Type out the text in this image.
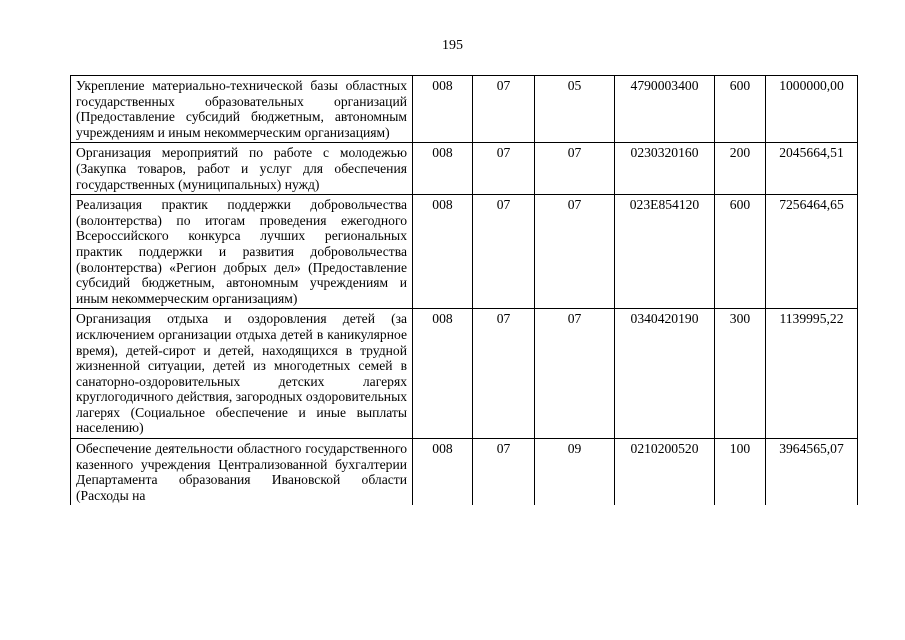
195
Укрепление материально-технической базы областных государственных образовательных организаций (Предоставление субсидий бюджетным, автономным учреждениям и иным некоммерческим организациям)	008	07	05	4790003400	600	1000000,00
Организация мероприятий по работе с молодежью (Закупка товаров, работ и услуг для обеспечения государственных (муниципальных) нужд)	008	07	07	0230320160	200	2045664,51
Реализация практик поддержки добровольчества (волонтерства) по итогам проведения ежегодного Всероссийского конкурса лучших региональных практик поддержки и развития добровольчества (волонтерства) «Регион добрых дел» (Предоставление субсидий бюджетным, автономным учреждениям и иным некоммерческим организациям)	008	07	07	023E854120	600	7256464,65
Организация отдыха и оздоровления детей (за исключением организации отдыха детей в каникулярное время), детей-сирот и детей, находящихся в трудной жизненной ситуации, детей из многодетных семей в санаторно-оздоровительных детских лагерях круглогодичного действия, загородных оздоровительных лагерях (Социальное обеспечение и иные выплаты населению)	008	07	07	0340420190	300	1139995,22
Обеспечение деятельности областного государственного казенного учреждения Централизованной бухгалтерии Департамента образования Ивановской области (Расходы на	008	07	09	0210200520	100	3964565,07
